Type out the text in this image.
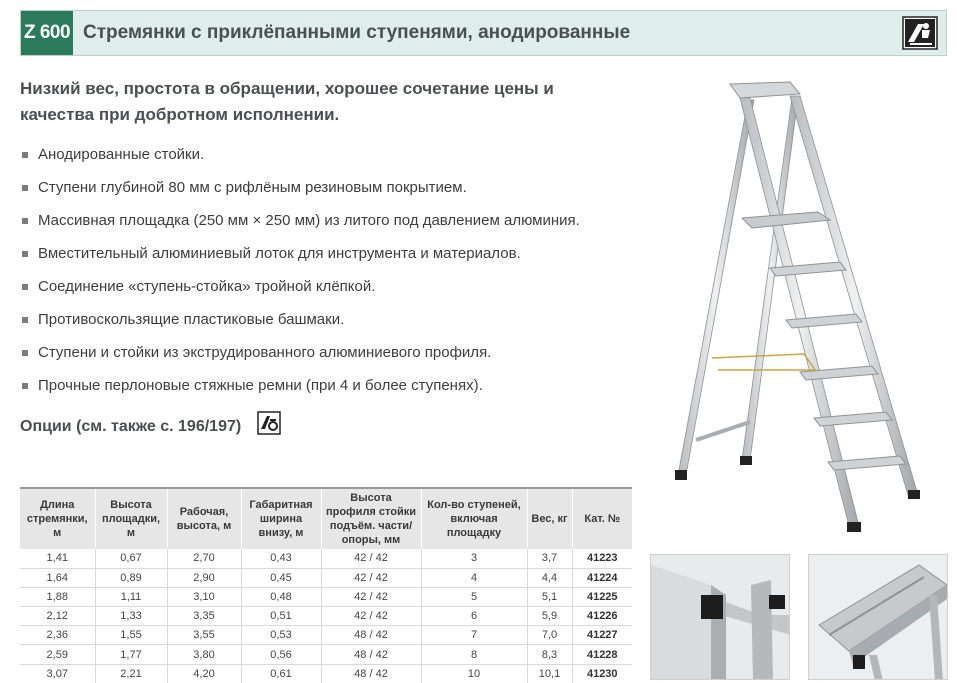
Z 600 Стремянки с приклёпанными ступенями, анодированные
Низкий вес, простота в обращении, хорошее сочетание цены и качества при добротном исполнении.
Анодированные стойки.
Ступени глубиной 80 мм с рифлёным резиновым покрытием.
Массивная площадка (250 мм × 250 мм) из литого под давлением алюминия.
Вместительный алюминиевый лоток для инструмента и материалов.
Соединение «ступень-стойка» тройной клёпкой.
Противоскользящие пластиковые башмаки.
Ступени и стойки из экструдированного алюминиевого профиля.
Прочные перлоновые стяжные ремни (при 4 и более ступенях).
Опции (см. также с. 196/197)
Длина стремянки, м	Высота площадки, м	Рабочая, высота, м	Габаритная ширина внизу, м	Высота профиля стойки подъём. части/опоры, мм	Кол-во ступеней, включая площадку	Вес, кг	Кат. №
1,41	0,67	2,70	0,43	42 / 42	3	3,7	41223
1,64	0,89	2,90	0,45	42 / 42	4	4,4	41224
1,88	1,11	3,10	0,48	42 / 42	5	5,1	41225
2,12	1,33	3,35	0,51	42 / 42	6	5,9	41226
2,36	1,55	3,55	0,53	48 / 42	7	7,0	41227
2,59	1,77	3,80	0,56	48 / 42	8	8,3	41228
3,07	2,21	4,20	0,61	48 / 42	10	10,1	41230
